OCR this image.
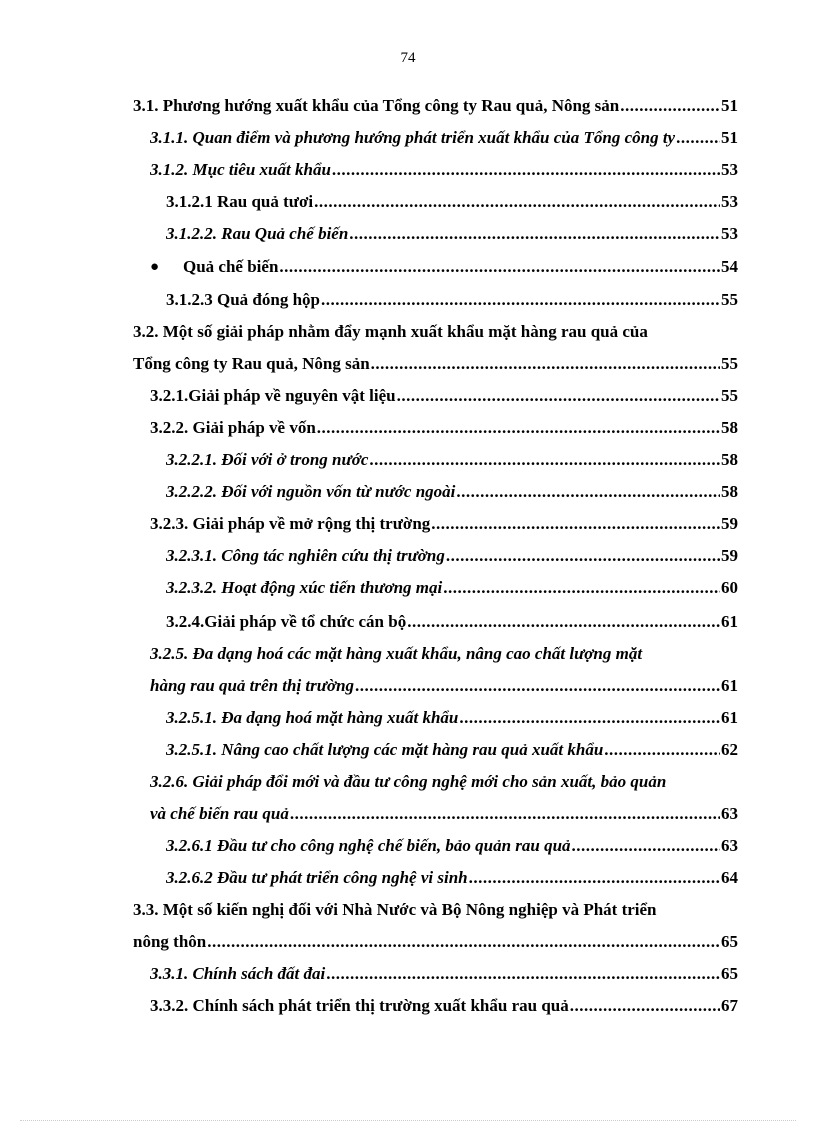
74
3.1. Phương hướng xuất khẩu của Tổng công ty Rau quả, Nông sản .....	51
3.1.1. Quan điểm và phương hướng phát triển xuất khẩu của Tổng công ty .....	51
3.1.2. Mục tiêu xuất khẩu .....	53
3.1.2.1 Rau quả tươi .....	53
3.1.2.2. Rau Quả chế biến .....	53
● Quả chế biến .....	54
3.1.2.3 Quả đóng hộp .....	55
3.2. Một số giải pháp nhằm đẩy mạnh xuất khẩu mặt hàng rau quả của
Tổng công ty Rau quả, Nông sản .....	55
3.2.1.Giải pháp về nguyên vật liệu .....	55
3.2.2. Giải pháp về vốn .....	58
3.2.2.1. Đối với ở trong nước .....	58
3.2.2.2. Đối với nguồn vốn từ nước ngoài .....	58
3.2.3. Giải pháp về mở rộng thị trường .....	59
3.2.3.1. Công tác nghiên cứu thị trường .....	59
3.2.3.2. Hoạt động xúc tiến thương mại .....	60
3.2.4.Giải pháp về tổ chức cán bộ .....	61
3.2.5. Đa dạng hoá các mặt hàng xuất khẩu, nâng cao chất lượng mặt
hàng rau quả trên thị trường .....	61
3.2.5.1. Đa dạng hoá mặt hàng xuất khẩu .....	61
3.2.5.1. Nâng cao chất lượng các mặt hàng rau quả xuất khẩu .....	62
3.2.6. Giải pháp đổi mới và đầu tư công nghệ mới cho sản xuất, bảo quản
và chế biến rau quả .....	63
3.2.6.1 Đầu tư cho công nghệ chế biến, bảo quản rau quả .....	63
3.2.6.2 Đầu tư phát triển công nghệ vi sinh .....	64
3.3. Một số kiến nghị đối với Nhà Nước và Bộ Nông nghiệp và Phát triển
nông thôn .....	65
3.3.1. Chính sách đất đai .....	65
3.3.2. Chính sách phát triển thị trường xuất khẩu rau quả .....	67
